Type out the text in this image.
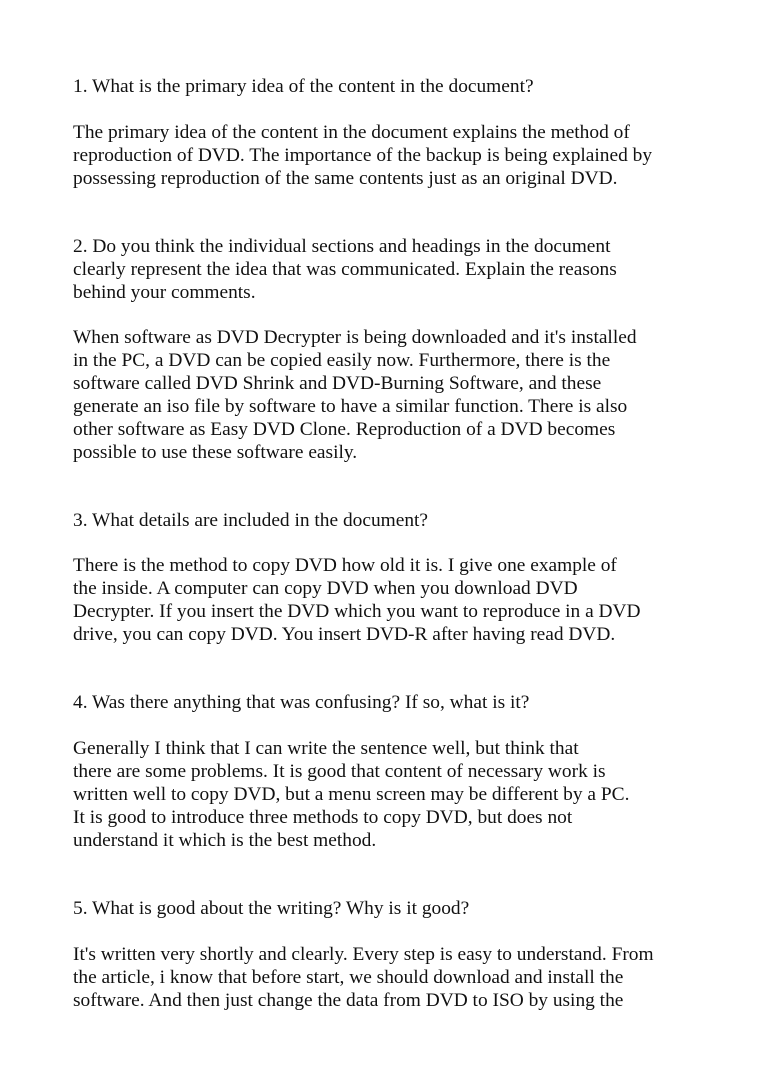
1. What is the primary idea of the content in the document?
The primary idea of the content in the document explains the method of
reproduction of DVD. The importance of the backup is being explained by
possessing reproduction of the same contents just as an original DVD.
2. Do you think the individual sections and headings in the document
clearly represent the idea that was communicated. Explain the reasons
behind your comments.
When software as DVD Decrypter is being downloaded and it's installed
in the PC, a DVD can be copied easily now. Furthermore, there is the
software called DVD Shrink and DVD-Burning Software, and these
generate an iso file by software to have a similar function. There is also
other software as Easy DVD Clone. Reproduction of a DVD becomes
possible to use these software easily.
3. What details are included in the document?
There is the method to copy DVD how old it is. I give one example of
the inside. A computer can copy DVD when you download DVD
Decrypter. If you insert the DVD which you want to reproduce in a DVD
drive, you can copy DVD. You insert DVD-R after having read DVD.
4. Was there anything that was confusing? If so, what is it?
Generally I think that I can write the sentence well, but think that
there are some problems. It is good that content of necessary work is
written well to copy DVD, but a menu screen may be different by a PC.
It is good to introduce three methods to copy DVD, but does not
understand it which is the best method.
5. What is good about the writing? Why is it good?
It's written very shortly and clearly. Every step is easy to understand. From
the article, i know that before start, we should download and install the
software. And then just change the data from DVD to ISO by using the
